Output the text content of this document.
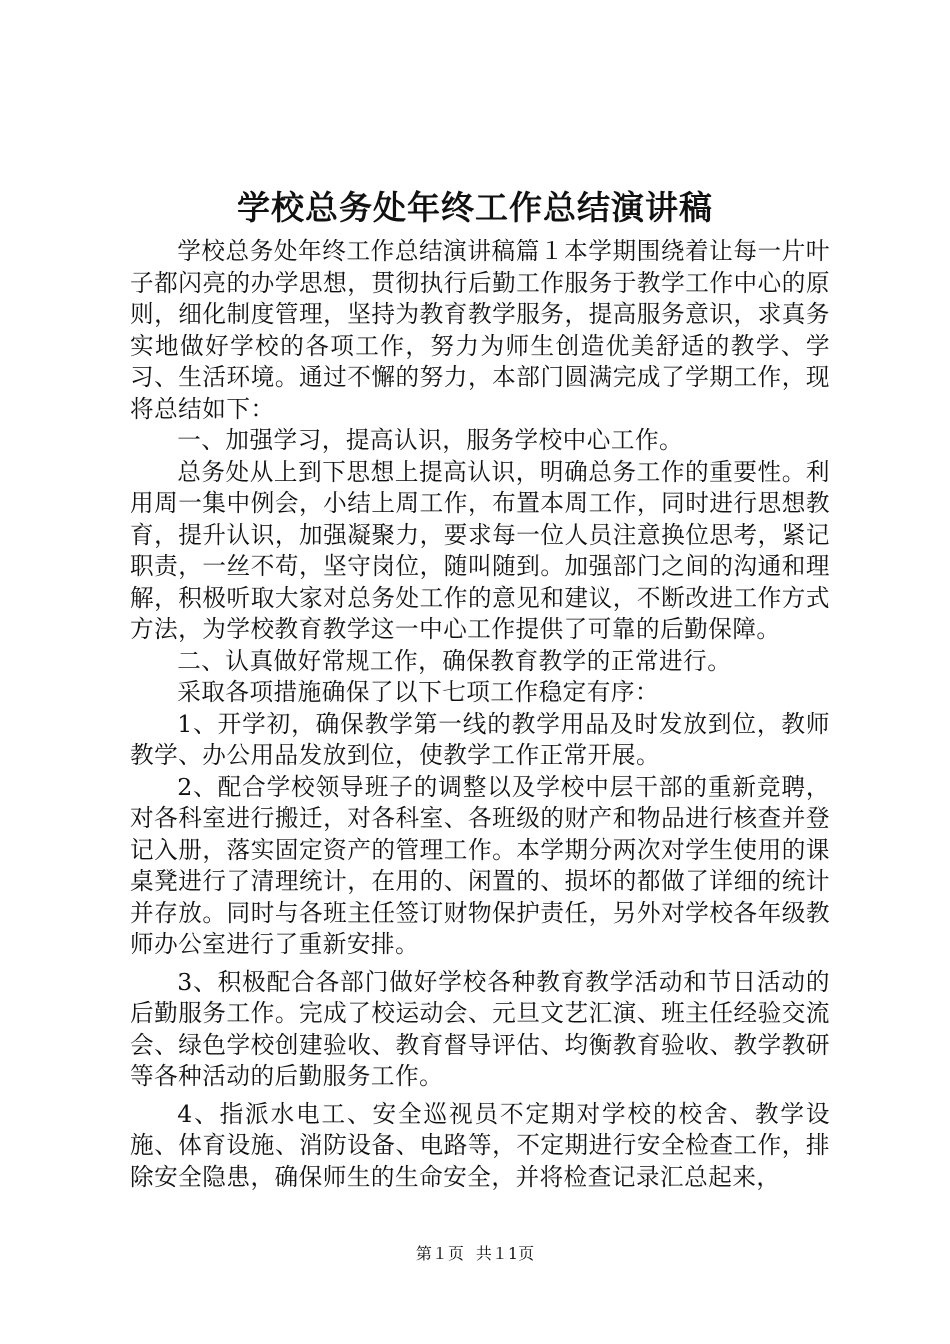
学校总务处年终工作总结演讲稿

学校总务处年终工作总结演讲稿篇１本学期围绕着让每一片叶子都闪亮的办学思想，贯彻执行后勤工作服务于教学工作中心的原则，细化制度管理，坚持为教育教学服务，提高服务意识，求真务实地做好学校的各项工作，努力为师生创造优美舒适的教学、学习、生活环境。通过不懈的努力，本部门圆满完成了学期工作，现将总结如下：

一、加强学习，提高认识，服务学校中心工作。

总务处从上到下思想上提高认识，明确总务工作的重要性。利用周一集中例会，小结上周工作，布置本周工作，同时进行思想教育，提升认识，加强凝聚力，要求每一位人员注意换位思考，紧记职责，一丝不苟，坚守岗位，随叫随到。加强部门之间的沟通和理解，积极听取大家对总务处工作的意见和建议，不断改进工作方式方法，为学校教育教学这一中心工作提供了可靠的后勤保障。

二、认真做好常规工作，确保教育教学的正常进行。

采取各项措施确保了以下七项工作稳定有序：

1、开学初，确保教学第一线的教学用品及时发放到位，教师教学、办公用品发放到位，使教学工作正常开展。

2、配合学校领导班子的调整以及学校中层干部的重新竞聘，对各科室进行搬迁，对各科室、各班级的财产和物品进行核查并登记入册，落实固定资产的管理工作。本学期分两次对学生使用的课桌凳进行了清理统计，在用的、闲置的、损坏的都做了详细的统计并存放。同时与各班主任签订财物保护责任，另外对学校各年级教师办公室进行了重新安排。

3、积极配合各部门做好学校各种教育教学活动和节日活动的后勤服务工作。完成了校运动会、元旦文艺汇演、班主任经验交流会、绿色学校创建验收、教育督导评估、均衡教育验收、教学教研等各种活动的后勤服务工作。

4、指派水电工、安全巡视员不定期对学校的校舍、教学设施、体育设施、消防设备、电路等，不定期进行安全检查工作，排除安全隐患，确保师生的生命安全，并将检查记录汇总起来，

第１页 共１1页
